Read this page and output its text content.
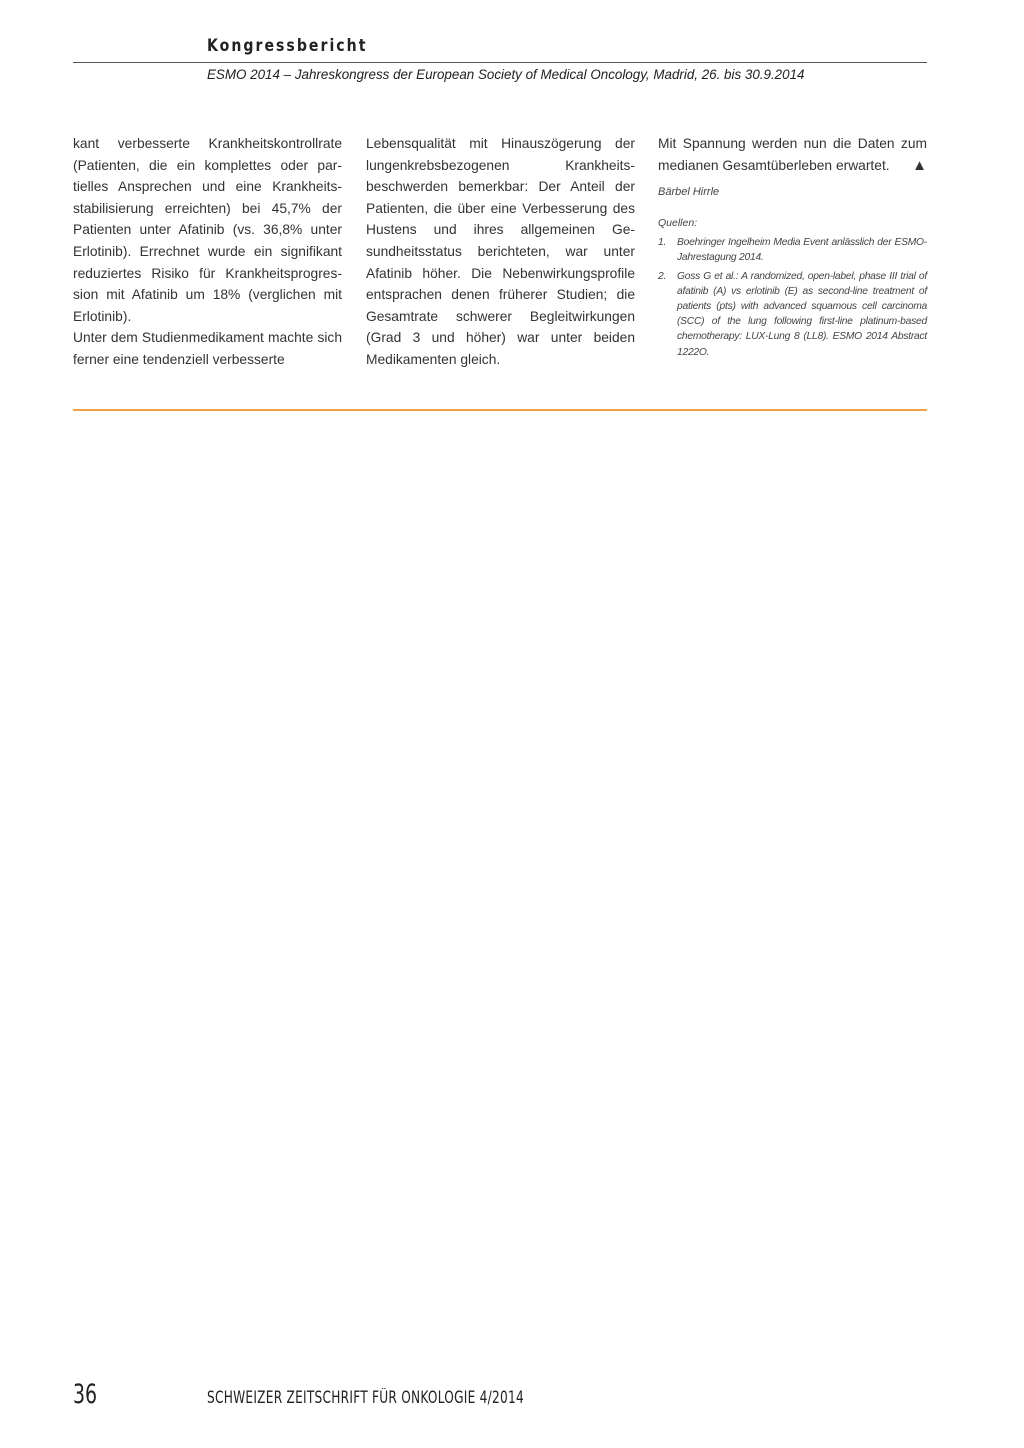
Kongressbericht
ESMO 2014 – Jahreskongress der European Society of Medical Oncology, Madrid, 26. bis 30.9.2014

kant verbesserte Krankheitskontrollrate (Patienten, die ein komplettes oder partielles Ansprechen und eine Krankheitsstabilisierung erreichten) bei 45,7% der Patienten unter Afatinib (vs. 36,8% unter Erlotinib). Errechnet wurde ein signifikant reduziertes Risiko für Krankheitsprogression mit Afatinib um 18% (verglichen mit Erlotinib).

Unter dem Studienmedikament machte sich ferner eine tendenziell verbesserte

Lebensqualität mit Hinauszögerung der lungenkrebsbezogenen Krankheitsbeschwerden bemerkbar: Der Anteil der Patienten, die über eine Verbesserung des Hustens und ihres allgemeinen Gesundheitsstatus berichteten, war unter Afatinib höher. Die Nebenwirkungsprofile entsprachen denen früherer Studien; die Gesamtrate schwerer Begleitwirkungen (Grad 3 und höher) war unter beiden Medikamenten gleich.

Mit Spannung werden nun die Daten zum medianen Gesamtüberleben erwartet. ▲

Bärbel Hirrle
Quellen:
1. Boehringer Ingelheim Media Event anlässlich der ESMO-Jahrestagung 2014.
2. Goss G et al.: A randomized, open-label, phase III trial of afatinib (A) vs erlotinib (E) as second-line treatment of patients (pts) with advanced squamous cell carcinoma (SCC) of the lung following first-line platinum-based chemotherapy: LUX-Lung 8 (LL8). ESMO 2014 Abstract 1222O.
36	SCHWEIZER ZEITSCHRIFT FÜR ONKOLOGIE 4/2014
